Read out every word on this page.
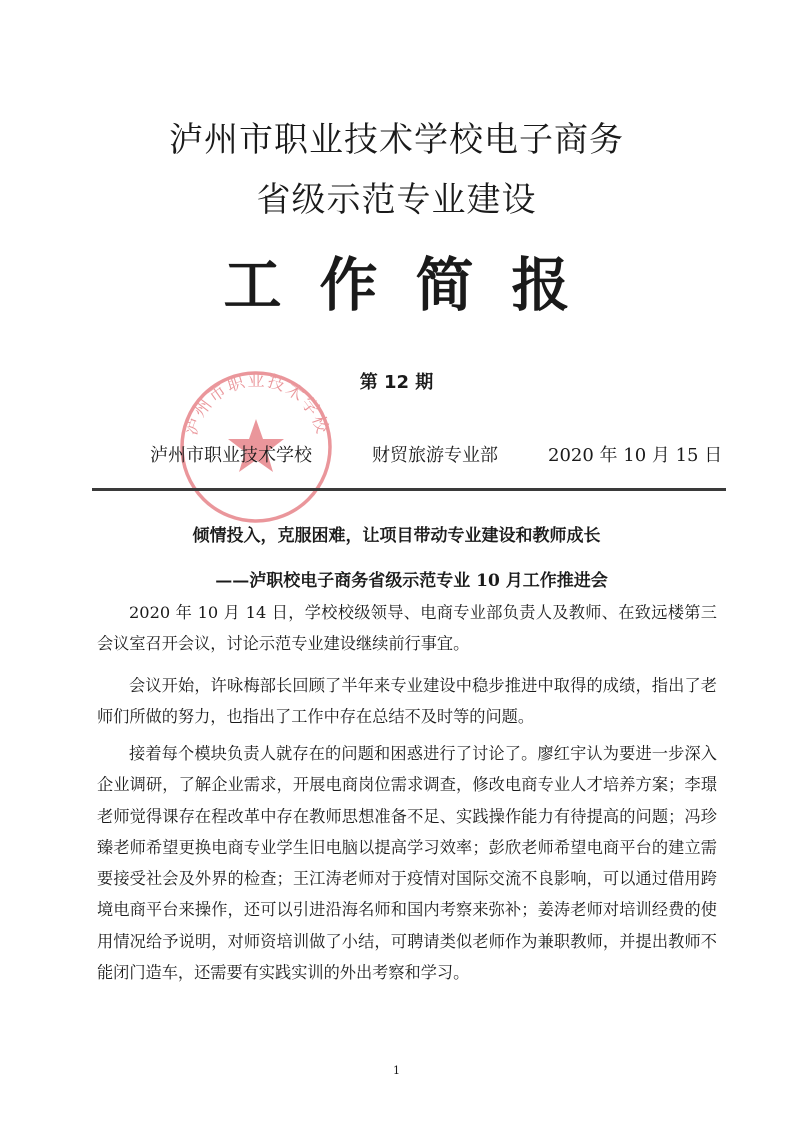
泸州市职业技术学校
泸州市职业技术学校电子商务
省级示范专业建设
工作简报
第 12 期
泸州市职业技术学校	财贸旅游专业部	2020 年 10 月 15 日
倾情投入，克服困难，让项目带动专业建设和教师成长
——泸职校电子商务省级示范专业 10 月工作推进会

2020 年 10 月 14 日，学校校级领导、电商专业部负责人及教师、在致远楼第三会议室召开会议，讨论示范专业建设继续前行事宜。

会议开始，许咏梅部长回顾了半年来专业建设中稳步推进中取得的成绩，指出了老师们所做的努力，也指出了工作中存在总结不及时等的问题。

接着每个模块负责人就存在的问题和困惑进行了讨论了。廖红宇认为要进一步深入企业调研，了解企业需求，开展电商岗位需求调查，修改电商专业人才培养方案；李璟老师觉得课存在程改革中存在教师思想准备不足、实践操作能力有待提高的问题；冯珍臻老师希望更换电商专业学生旧电脑以提高学习效率；彭欣老师希望电商平台的建立需要接受社会及外界的检查；王江涛老师对于疫情对国际交流不良影响，可以通过借用跨境电商平台来操作，还可以引进沿海名师和国内考察来弥补；姜涛老师对培训经费的使用情况给予说明，对师资培训做了小结，可聘请类似老师作为兼职教师，并提出教师不能闭门造车，还需要有实践实训的外出考察和学习。

1
